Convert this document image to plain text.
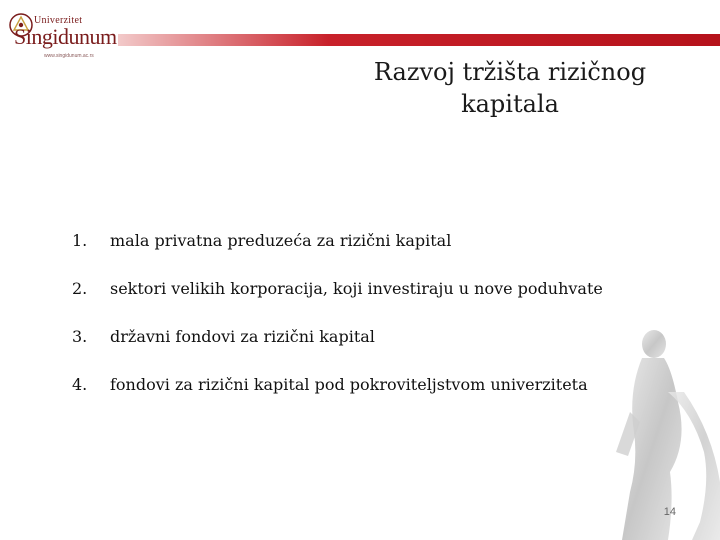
Univerzitet
Singidunum
www.singidunum.ac.rs
Razvoj tržišta rizičnog
kapitala
1. mala privatna preduzeća za rizični kapital
2. sektori velikih korporacija, koji investiraju u nove poduhvate
3. državni fondovi za rizični kapital
4. fondovi za rizični kapital pod pokroviteljstvom univerziteta
14
